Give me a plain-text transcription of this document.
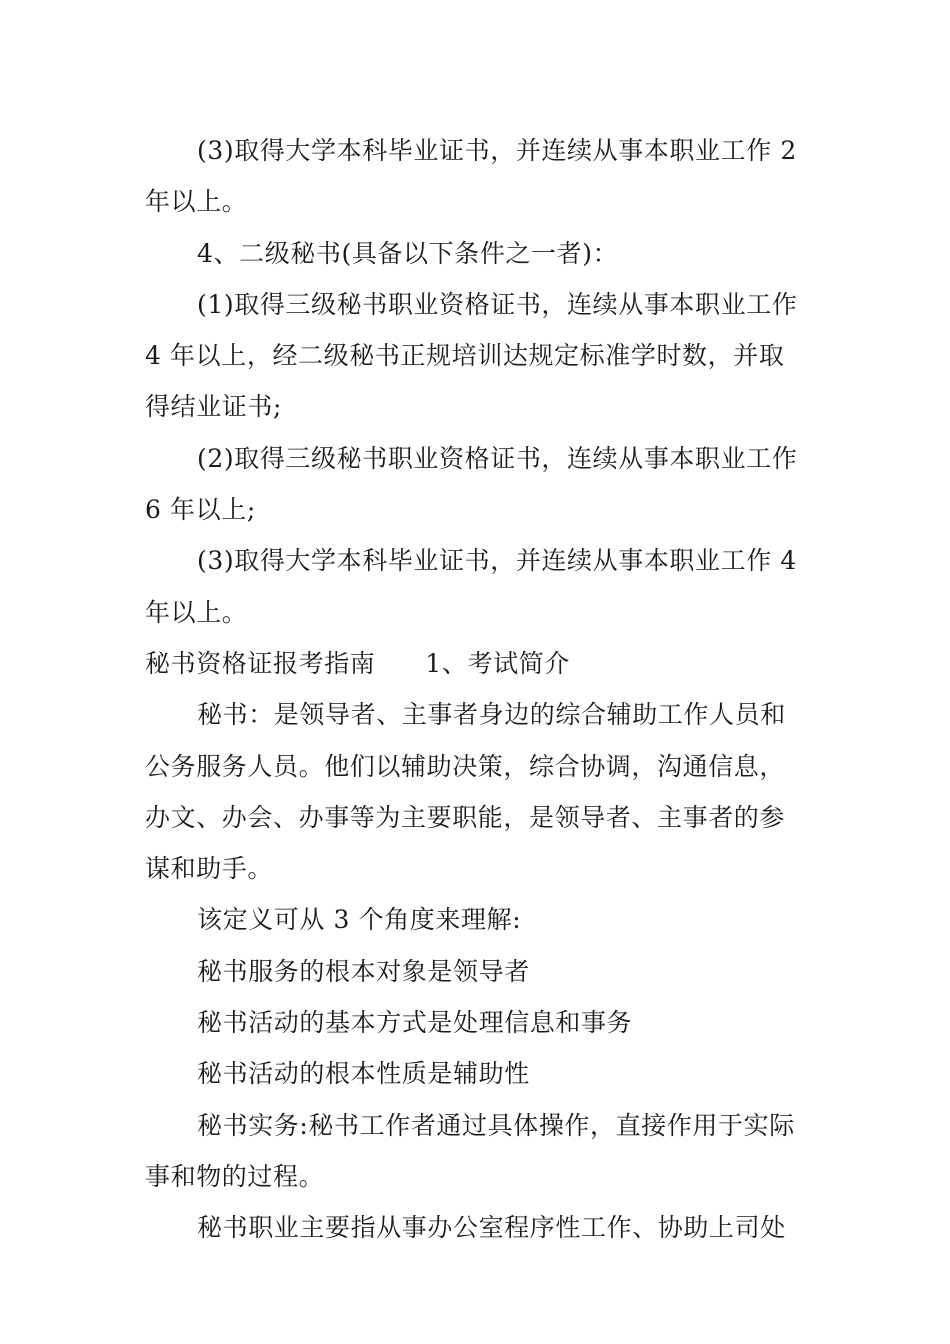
(3)取得大学本科毕业证书，并连续从事本职业工作 2 年以上。

4、二级秘书(具备以下条件之一者)：

(1)取得三级秘书职业资格证书，连续从事本职业工作 4 年以上，经二级秘书正规培训达规定标准学时数，并取得结业证书;

(2)取得三级秘书职业资格证书，连续从事本职业工作 6 年以上;

(3)取得大学本科毕业证书，并连续从事本职业工作 4 年以上。

秘书资格证报考指南 1、考试简介

秘书：是领导者、主事者身边的综合辅助工作人员和公务服务人员。他们以辅助决策，综合协调，沟通信息，办文、办会、办事等为主要职能，是领导者、主事者的参谋和助手。

该定义可从 3 个角度来理解:

秘书服务的根本对象是领导者

秘书活动的基本方式是处理信息和事务

秘书活动的根本性质是辅助性

秘书实务:秘书工作者通过具体操作，直接作用于实际事和物的过程。

秘书职业主要指从事办公室程序性工作、协助上司处
